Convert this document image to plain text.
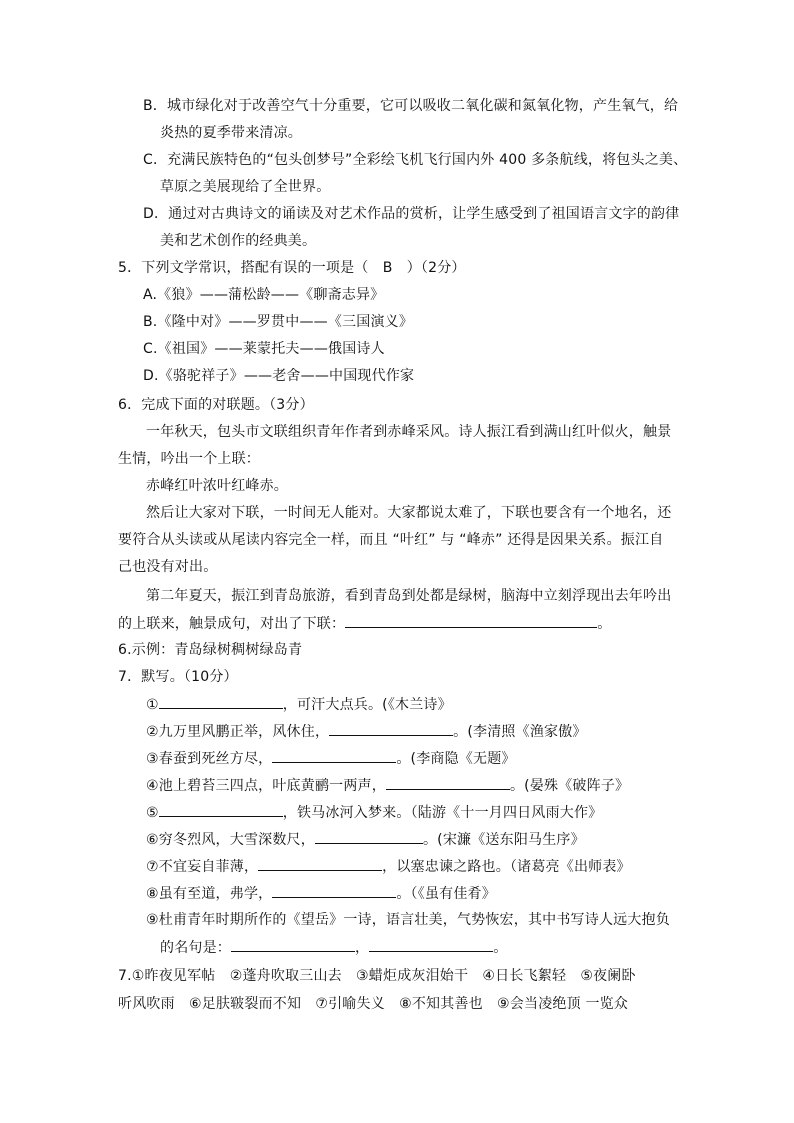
B．城市绿化对于改善空气十分重要，它可以吸收二氧化碳和氮氧化物，产生氧气，给
炎热的夏季带来清凉。
C．充满民族特色的“包头创梦号”全彩绘飞机飞行国内外 400 多条航线，将包头之美、
草原之美展现给了全世界。
D．通过对古典诗文的诵读及对艺术作品的赏析，让学生感受到了祖国语言文字的韵律
美和艺术创作的经典美。
5．下列文学常识，搭配有误的一项是（　B　）（2分）
A.《狼》——蒲松龄——《聊斋志异》
B.《隆中对》——罗贯中——《三国演义》
C.《祖国》——莱蒙托夫——俄国诗人
D.《骆驼祥子》——老舍——中国现代作家
6．完成下面的对联题。（3分）
一年秋天，包头市文联组织青年作者到赤峰采风。诗人振江看到满山红叶似火，触景
生情，吟出一个上联：
赤峰红叶浓叶红峰赤。
然后让大家对下联，一时间无人能对。大家都说太难了，下联也要含有一个地名，还
要符合从头读或从尾读内容完全一样，而且 “叶红” 与 “峰赤” 还得是因果关系。振江自
己也没有对出。
第二年夏天，振江到青岛旅游，看到青岛到处都是绿树，脑海中立刻浮现出去年吟出
的上联来，触景成句，对出了下联：	。
6.示例：青岛绿树稠树绿岛青
7．默写。（10分）
①	，可汗大点兵。(《木兰诗》
②九万里风鹏正举，风休住，	。(李清照《渔家傲》
③春蚕到死丝方尽，	。(李商隐《无题》
④池上碧苔三四点，叶底黄鹂一两声，	。(晏殊《破阵子》
⑤	，铁马冰河入梦来。（陆游《十一月四日风雨大作》
⑥穷冬烈风，大雪深数尺，	。(宋濂《送东阳马生序》
⑦不宜妄自菲薄，	，以塞忠谏之路也。（诸葛亮《出师表》
⑧虽有至道，弗学，	。（《虽有佳肴》
⑨杜甫青年时期所作的《望岳》一诗，语言壮美，气势恢宏，其中书写诗人远大抱负
的名句是：	，	。
7.①昨夜见军帖　②蓬舟吹取三山去　③蜡炬成灰泪始干　④日长飞絮轻　⑤夜阑卧
听风吹雨　⑥足肤皲裂而不知　⑦引喻失义　⑧不知其善也　⑨会当凌绝顶 一览众
